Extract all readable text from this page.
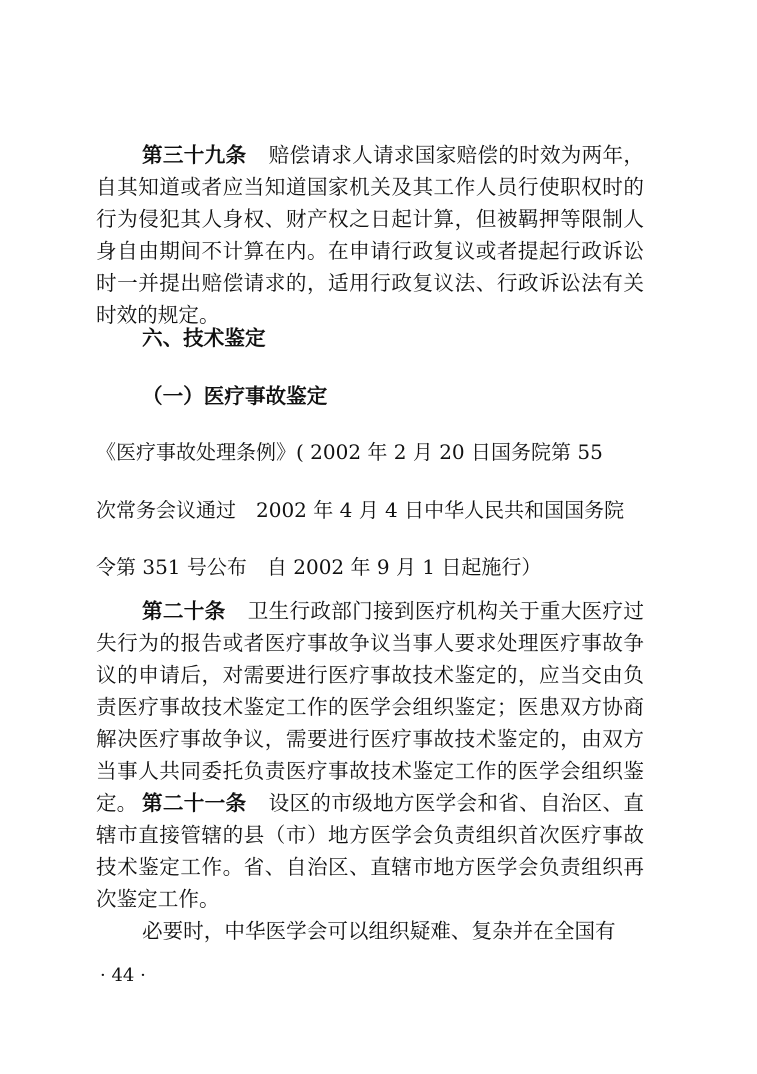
第三十九条 赔偿请求人请求国家赔偿的时效为两年，自其知道或者应当知道国家机关及其工作人员行使职权时的行为侵犯其人身权、财产权之日起计算，但被羁押等限制人身自由期间不计算在内。在申请行政复议或者提起行政诉讼时一并提出赔偿请求的，适用行政复议法、行政诉讼法有关时效的规定。

六、技术鉴定

（一）医疗事故鉴定

《医疗事故处理条例》( 2002 年 2 月 20 日国务院第 55

次常务会议通过　2002 年 4 月 4 日中华人民共和国国务院

令第 351 号公布　自 2002 年 9 月 1 日起施行）

第二十条 卫生行政部门接到医疗机构关于重大医疗过失行为的报告或者医疗事故争议当事人要求处理医疗事故争议的申请后，对需要进行医疗事故技术鉴定的，应当交由负责医疗事故技术鉴定工作的医学会组织鉴定；医患双方协商解决医疗事故争议，需要进行医疗事故技术鉴定的，由双方当事人共同委托负责医疗事故技术鉴定工作的医学会组织鉴定。 第二十一条 设区的市级地方医学会和省、自治区、直辖市直接管辖的县（市）地方医学会负责组织首次医疗事故技术鉴定工作。省、自治区、直辖市地方医学会负责组织再次鉴定工作。

必要时，中华医学会可以组织疑难、复杂并在全国有

· 44 ·
